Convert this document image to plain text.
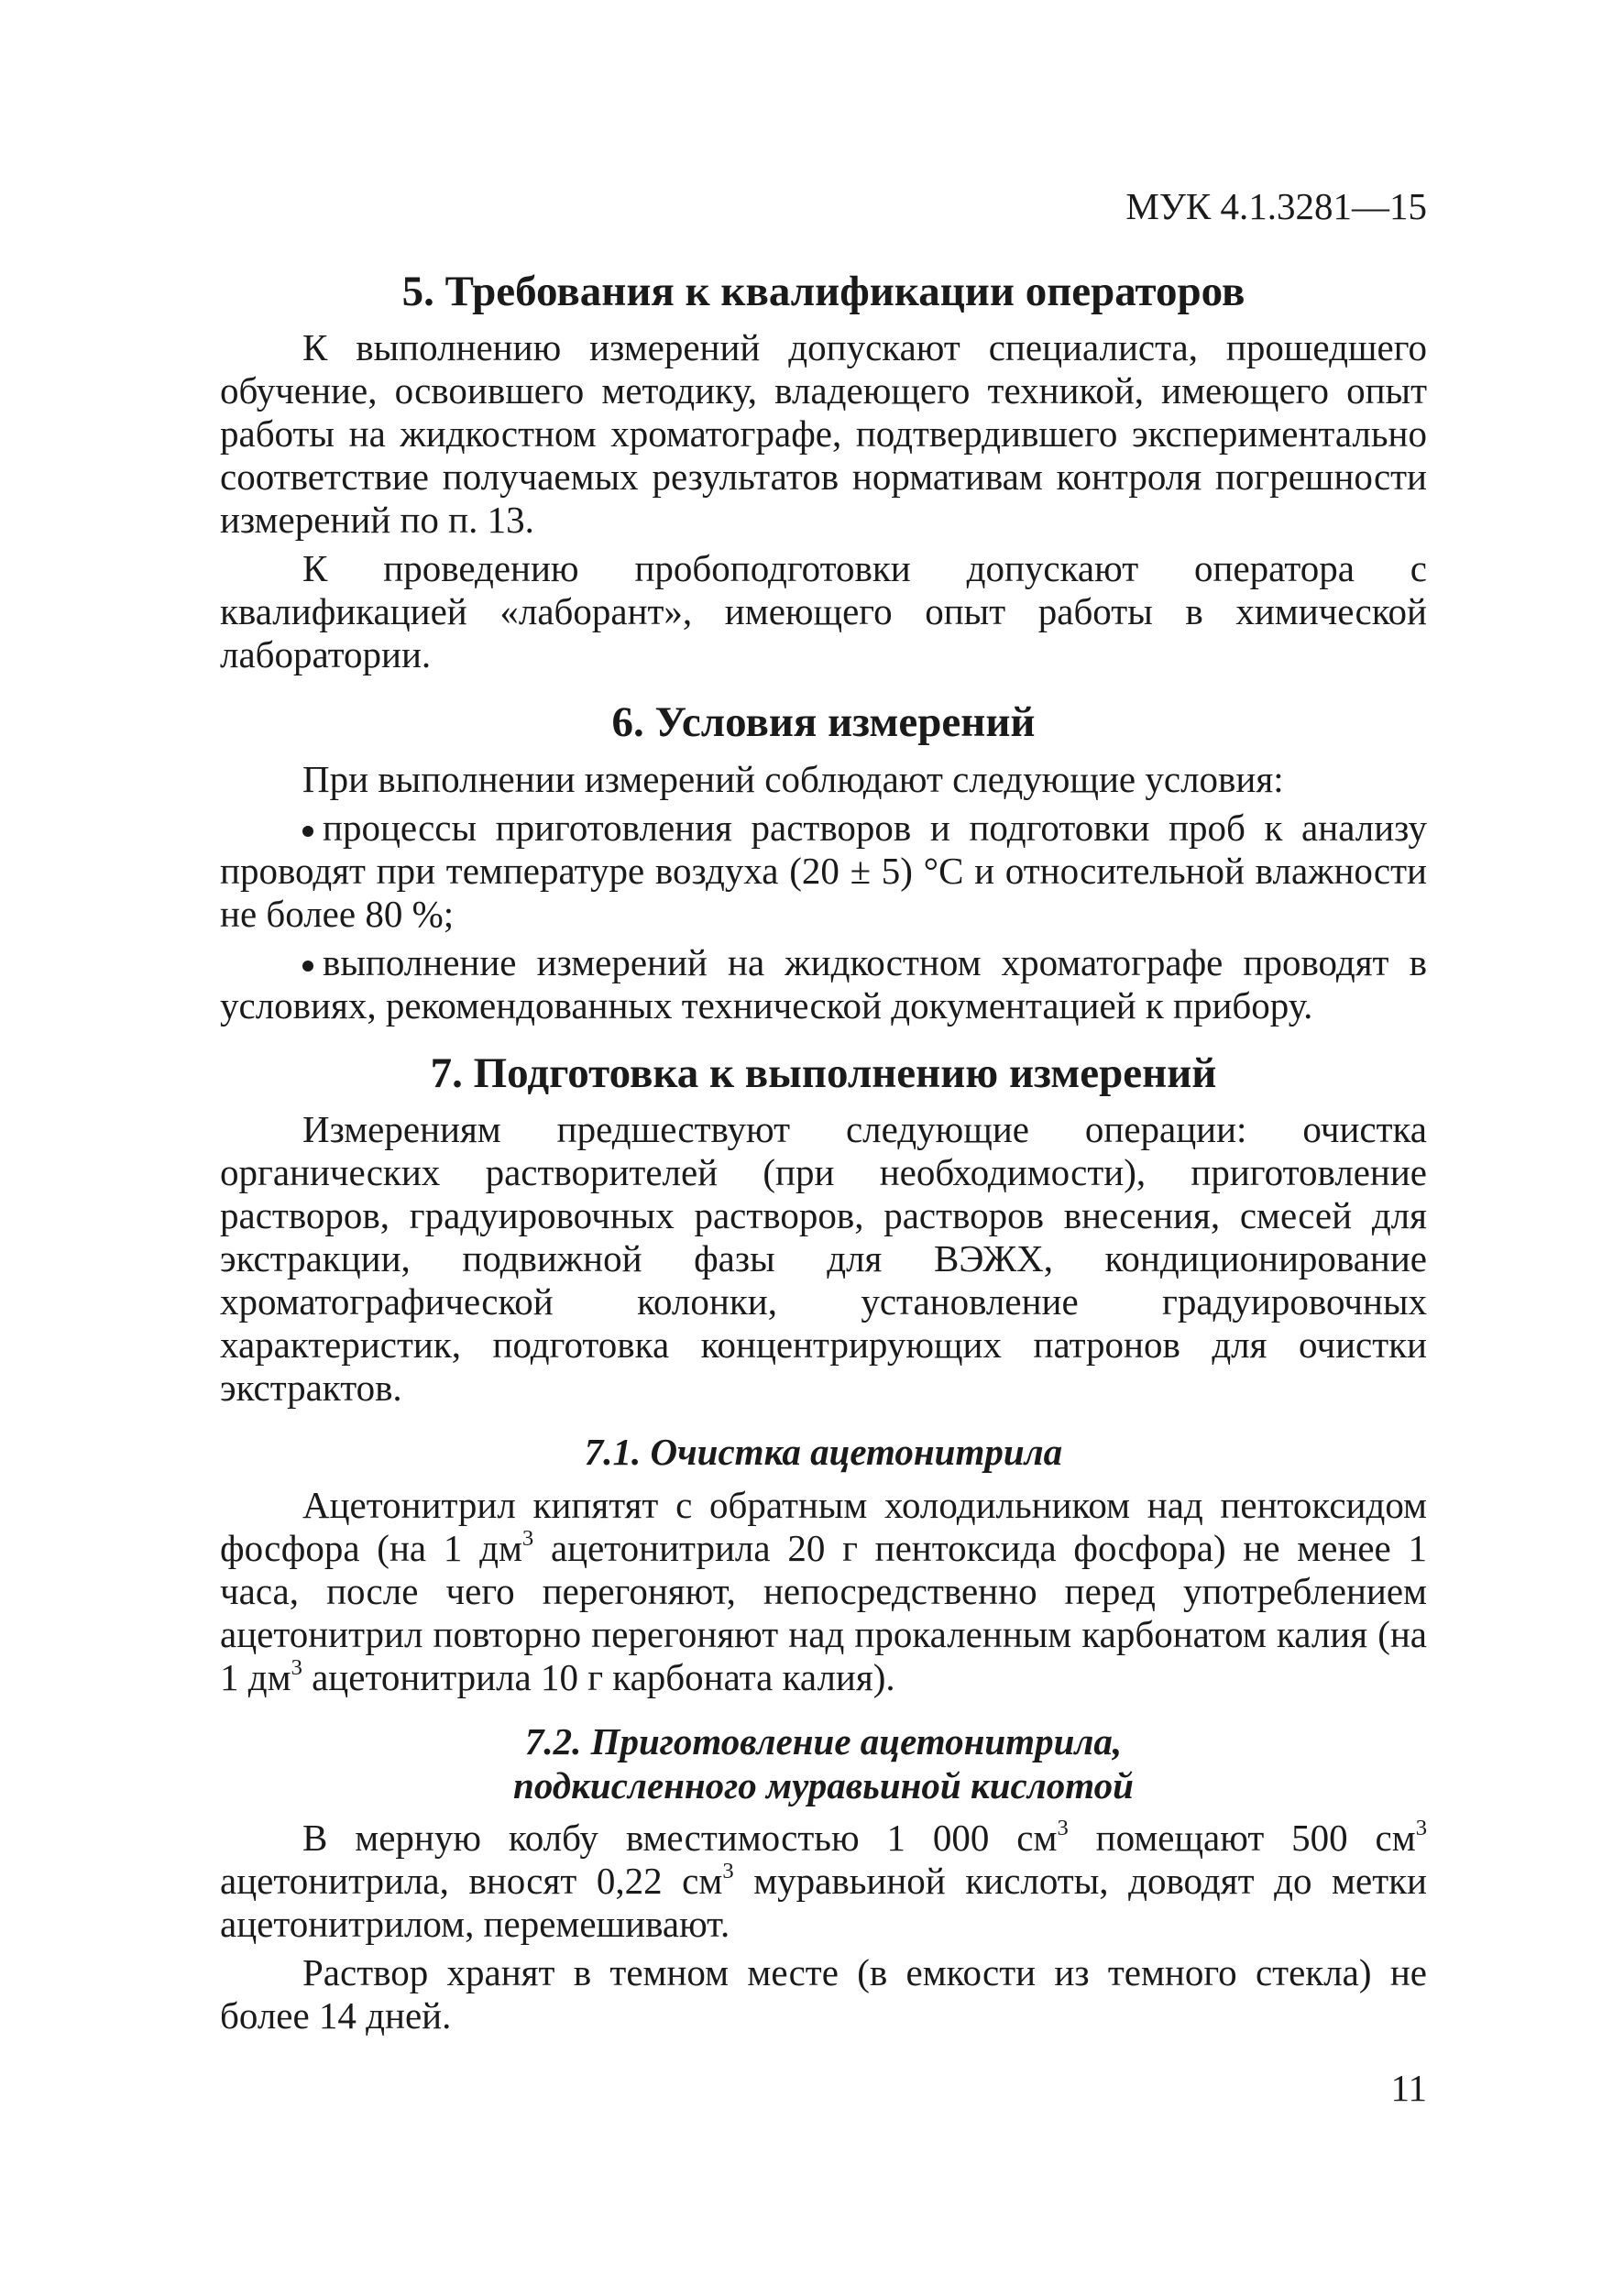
МУК 4.1.3281—15
5. Требования к квалификации операторов

К выполнению измерений допускают специалиста, прошедшего обучение, освоившего методику, владеющего техникой, имеющего опыт работы на жидкостном хроматографе, подтвердившего экспериментально соответствие получаемых результатов нормативам контроля погрешности измерений по п. 13.

К проведению пробоподготовки допускают оператора с квалификацией «лаборант», имеющего опыт работы в химической лаборатории.

6. Условия измерений

При выполнении измерений соблюдают следующие условия:

процессы приготовления растворов и подготовки проб к анализу проводят при температуре воздуха (20 ± 5) °С и относительной влажности не более 80 %;

выполнение измерений на жидкостном хроматографе проводят в условиях, рекомендованных технической документацией к прибору.

7. Подготовка к выполнению измерений

Измерениям предшествуют следующие операции: очистка органических растворителей (при необходимости), приготовление растворов, градуировочных растворов, растворов внесения, смесей для экстракции, подвижной фазы для ВЭЖХ, кондиционирование хроматографической колонки, установление градуировочных характеристик, подготовка концентрирующих патронов для очистки экстрактов.

7.1. Очистка ацетонитрила

Ацетонитрил кипятят с обратным холодильником над пентоксидом фосфора (на 1 $дм^3$ ацетонитрила 20 г пентоксида фосфора) не менее 1 часа, после чего перегоняют, непосредственно перед употреблением ацетонитрил повторно перегоняют над прокаленным карбонатом калия (на 1 $дм^3$ ацетонитрила 10 г карбоната калия).

7.2. Приготовление ацетонитрила,
подкисленного муравьиной кислотой

В мерную колбу вместимостью 1 000 $см^3$ помещают 500 $см^3$ ацетонитрила, вносят 0,22 $см^3$ муравьиной кислоты, доводят до метки ацетонитрилом, перемешивают.

Раствор хранят в темном месте (в емкости из темного стекла) не более 14 дней.

11
